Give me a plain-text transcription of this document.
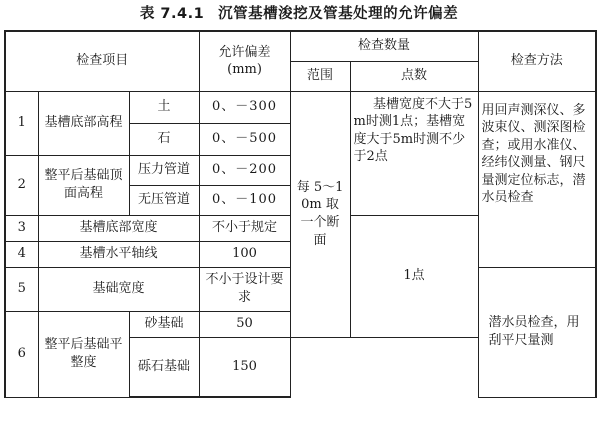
表 7.4.1 沉管基槽浚挖及管基处理的允许偏差
检查项目			允许偏差
(mm)	检查数量		检查方法
				范围	点数	
1	基槽底部高程	土	0、－300	每 5～10m 取 一个断面	基槽宽度不大于5m时测1点；基槽宽度大于5m时测不少于2点	用回声测深仪、多波束仪、测深图检查；或用水准仪、经纬仪测量、钢尺量测定位标志，潜水员检查
		石	0、－500			
2	整平后基础顶面高程	压力管道	0、－200			
		无压管道	0、－100			
3	基槽底部宽度		不小于规定		1点	
4	基槽水平轴线		100			
5	基础宽度		不小于设计要求			潜水员检查，用刮平尺量测
6	整平后基础平整度	砂基础	50			
		砾石基础	150			
